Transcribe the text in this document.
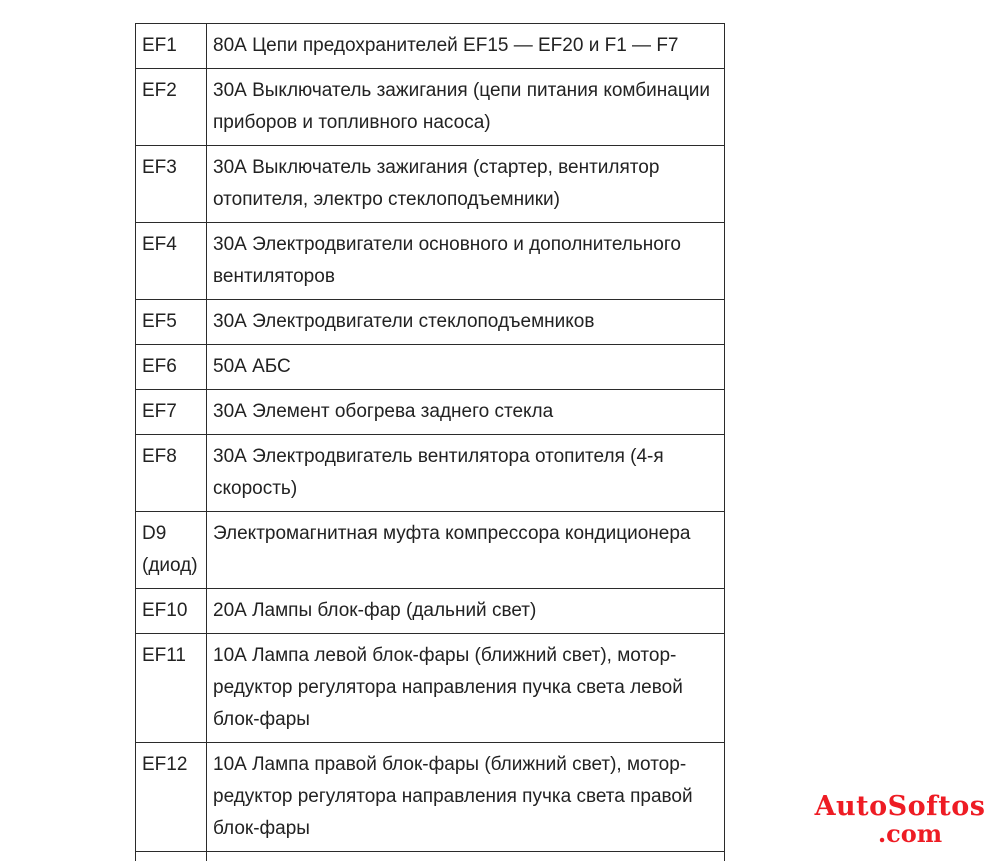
EF1	80А Цепи предохранителей EF15 — EF20 и F1 — F7
EF2	30А Выключатель зажигания (цепи питания комбинации приборов и топливного насоса)
EF3	30А Выключатель зажигания (стартер, вентилятор отопителя, электро стеклоподъемники)
EF4	30А Электродвигатели основного и дополнительного вентиляторов
EF5	30А Электродвигатели стеклоподъемников
EF6	50А АБС
EF7	30А Элемент обогрева заднего стекла
EF8	30А Электродвигатель вентилятора отопителя (4-я скорость)
D9 (диод)	Электромагнитная муфта компрессора кондиционера
EF10	20А Лампы блок-фар (дальний свет)
EF11	10А Лампа левой блок-фары (ближний свет), мотор-редуктор регулятора направления пучка света левой блок-фары
EF12	10А Лампа правой блок-фары (ближний свет), мотор-редуктор регулятора направления пучка света правой блок-фары

AutoSoftos
.com
